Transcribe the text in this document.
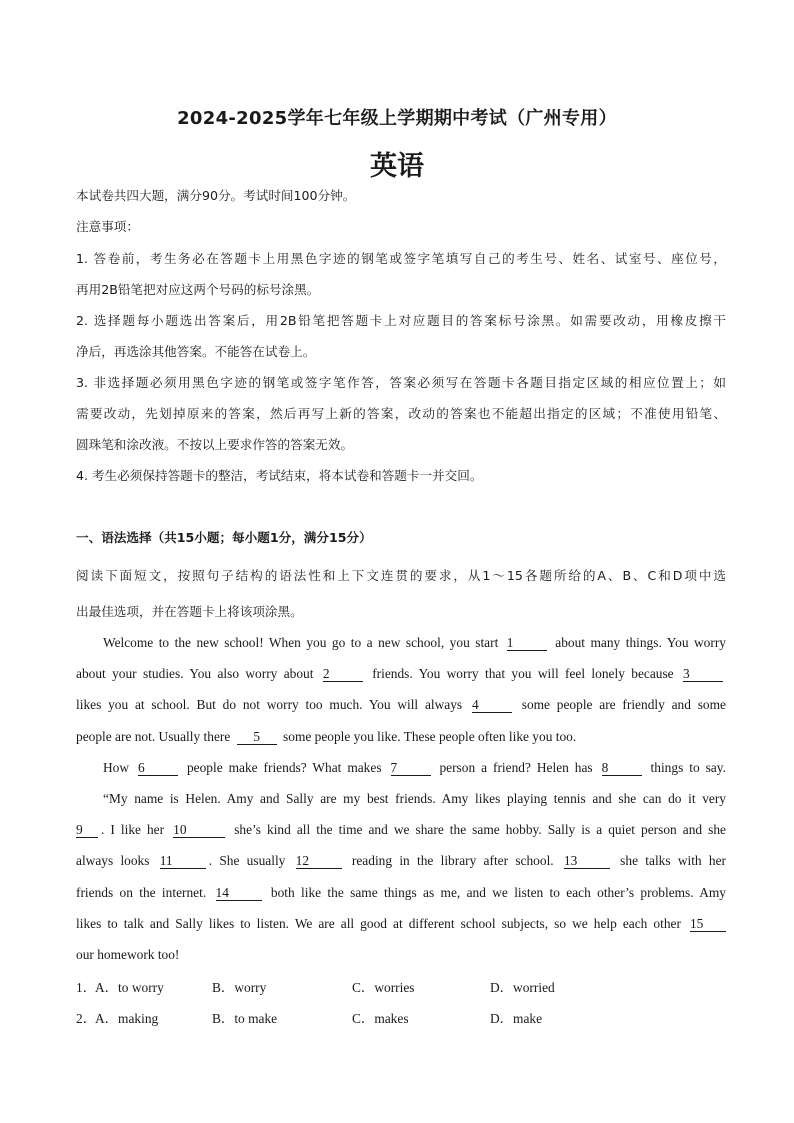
2024-2025学年七年级上学期期中考试（广州专用）
英语
本试卷共四大题，满分90分。考试时间100分钟。
注意事项：
1. 答卷前，考生务必在答题卡上用黑色字迹的钢笔或签字笔填写自己的考生号、姓名、试室号、座位号，
再用2B铅笔把对应这两个号码的标号涂黑。
2. 选择题每小题选出答案后，用2B铅笔把答题卡上对应题目的答案标号涂黑。如需要改动，用橡皮擦干
净后，再选涂其他答案。不能答在试卷上。
3. 非选择题必须用黑色字迹的钢笔或签字笔作答，答案必须写在答题卡各题目指定区域的相应位置上；如
需要改动，先划掉原来的答案，然后再写上新的答案，改动的答案也不能超出指定的区域；不准使用铅笔、
圆珠笔和涂改液。不按以上要求作答的答案无效。
4. 考生必须保持答题卡的整洁，考试结束，将本试卷和答题卡一并交回。
一、语法选择（共15小题；每小题1分，满分15分）
阅读下面短文，按照句子结构的语法性和上下文连贯的要求，从1～15各题所给的A、B、C和D项中选
出最佳选项，并在答题卡上将该项涂黑。
Welcome to the new school! When you go to a new school, you start 1	about many things. You worry
about your studies. You also worry about 2	friends. You worry that you will feel lonely because 3
likes you at school. But do not worry too much. You will always 4	some people are friendly and some
people are not. Usually there 5 some people you like. These people often like you too.
How 6	people make friends? What makes 7	person a friend? Helen has 8	things to say.
“My name is Helen. Amy and Sally are my best friends. Amy likes playing tennis and she can do it very
9 . I like her 10	she’s kind all the time and we share the same hobby. Sally is a quiet person and she
always looks 11	. She usually 12	reading in the library after school. 13	she talks with her
friends on the internet. 14	both like the same things as me, and we listen to each other’s problems. Amy
likes to talk and Sally likes to listen. We are all good at different school subjects, so we help each other 15
our homework too!
1．
A．to worry	B．worry	C．worries	D．worried
2．
A．making	B．to make	C．makes	D．make
